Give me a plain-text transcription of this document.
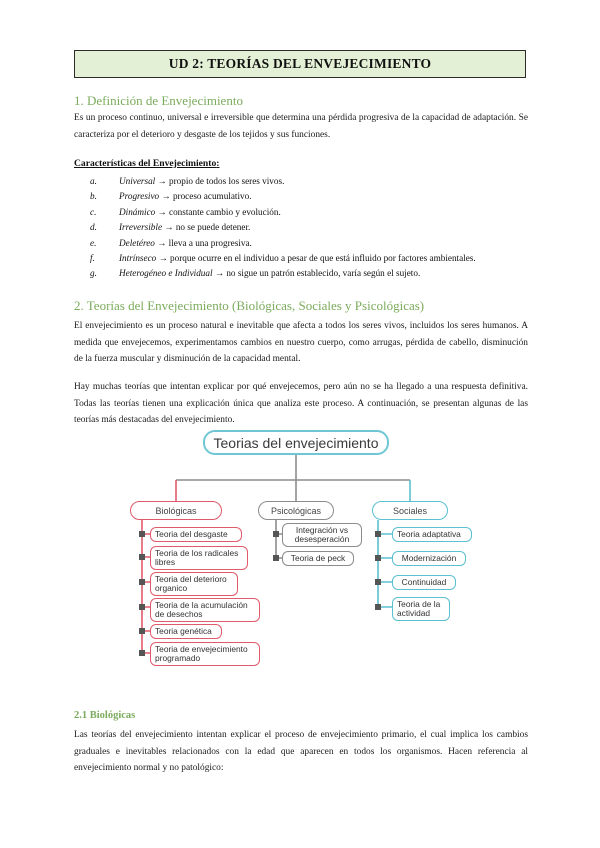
UD 2: TEORÍAS DEL ENVEJECIMIENTO
1. Definición de Envejecimiento

Es un proceso continuo, universal e irreversible que determina una pérdida progresiva de la capacidad de adaptación. Se caracteriza por el deterioro y desgaste de los tejidos y sus funciones.

Características del Envejecimiento:
a.	Universal → propio de todos los seres vivos.
b.	Progresivo → proceso acumulativo.
c.	Dinámico → constante cambio y evolución.
d.	Irreversible → no se puede detener.
e.	Deletéreo → lleva a una progresiva.
f.	Intrínseco → porque ocurre en el individuo a pesar de que está influido por factores ambientales.
g.	Heterogéneo e Individual → no sigue un patrón establecido, varía según el sujeto.
2. Teorías del Envejecimiento (Biológicas, Sociales y Psicológicas)

El envejecimiento es un proceso natural e inevitable que afecta a todos los seres vivos, incluidos los seres humanos. A medida que envejecemos, experimentamos cambios en nuestro cuerpo, como arrugas, pérdida de cabello, disminución de la fuerza muscular y disminución de la capacidad mental.

Hay muchas teorías que intentan explicar por qué envejecemos, pero aún no se ha llegado a una respuesta definitiva. Todas las teorías tienen una explicación única que analiza este proceso. A continuación, se presentan algunas de las teorías más destacadas del envejecimiento.

Teorias del envejecimiento
Biológicas	Psicológicas	Sociales
Teoria del desgaste
Teoria de los radicales libres
Teoria del deterioro organico
Teoria de la acumulación de desechos
Teoria genética
Teoria de envejecimiento programado
Integración vs desesperación
Teoria de peck
Teoria adaptativa
Modernización
Continuidad
Teoria de la actividad
2.1 Biológicas

Las teorías del envejecimiento intentan explicar el proceso de envejecimiento primario, el cual implica los cambios graduales e inevitables relacionados con la edad que aparecen en todos los organismos. Hacen referencia al envejecimiento normal y no patológico:
